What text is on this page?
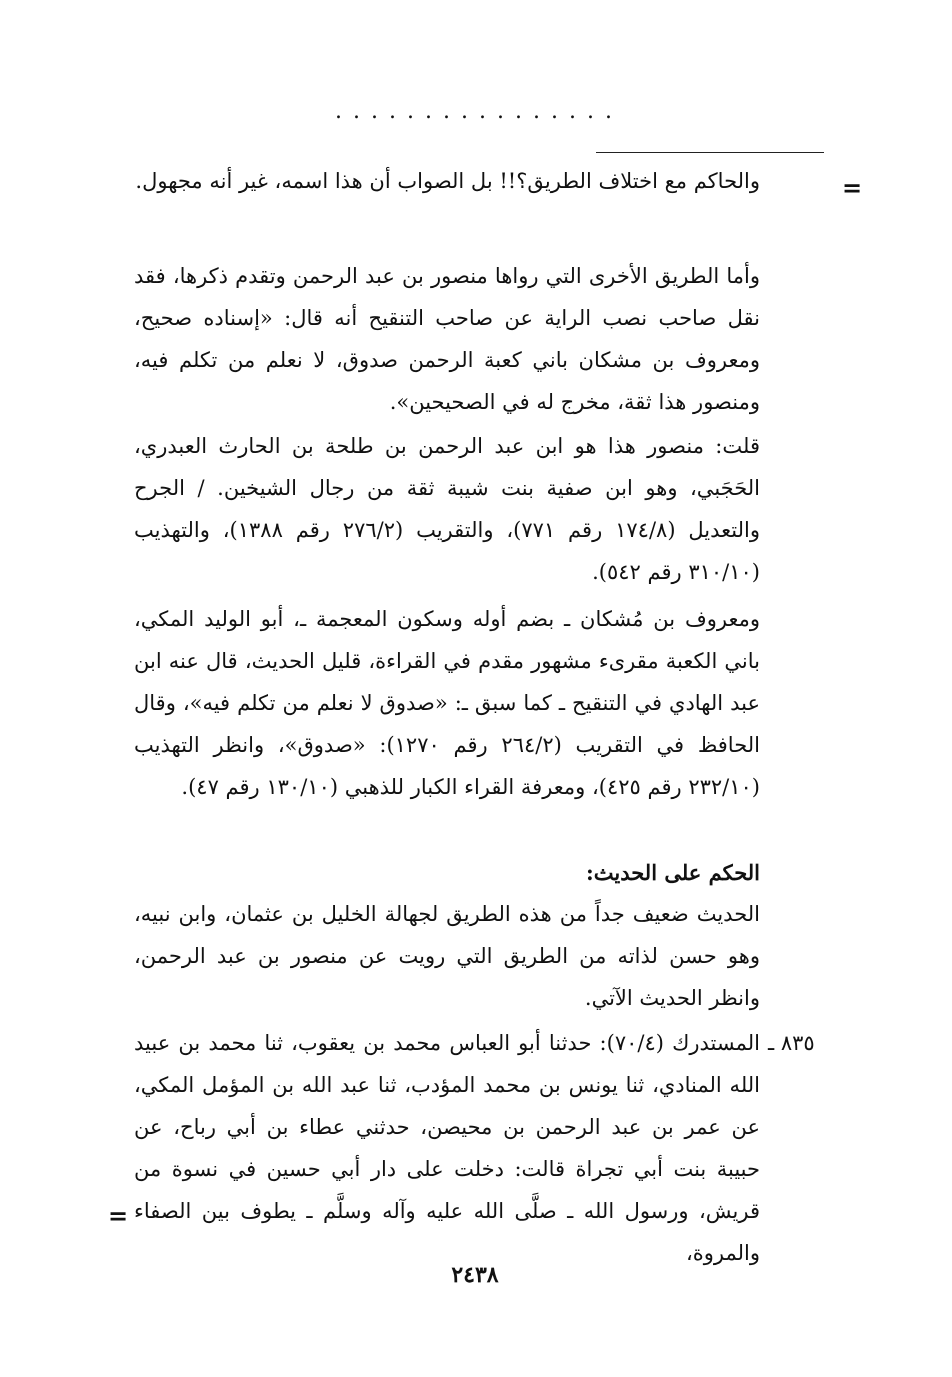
................
=
والحاكم مع اختلاف الطريق؟!! بل الصواب أن هذا اسمه، غير أنه مجهول.
وأما الطريق الأخرى التي رواها منصور بن عبد الرحمن وتقدم ذكرها، فقد نقل صاحب نصب الراية عن صاحب التنقيح أنه قال: «إسناده صحيح، ومعروف بن مشكان باني كعبة الرحمن صدوق، لا نعلم من تكلم فيه، ومنصور هذا ثقة، مخرج له في الصحيحين».
قلت: منصور هذا هو ابن عبد الرحمن بن طلحة بن الحارث العبدري، الحَجَبي، وهو ابن صفية بنت شيبة ثقة من رجال الشيخين. / الجرح والتعديل (١٧٤/٨ رقم ٧٧١)، والتقريب (٢٧٦/٢ رقم ١٣٨٨)، والتهذيب (٣١٠/١٠ رقم ٥٤٢).
ومعروف بن مُشكان ـ بضم أوله وسكون المعجمة ـ، أبو الوليد المكي، باني الكعبة مقرىء مشهور مقدم في القراءة، قليل الحديث، قال عنه ابن عبد الهادي في التنقيح ـ كما سبق ـ: «صدوق لا نعلم من تكلم فيه»، وقال الحافظ في التقريب (٢٦٤/٢ رقم ١٢٧٠): «صدوق»، وانظر التهذيب (٢٣٢/١٠ رقم ٤٢٥)، ومعرفة القراء الكبار للذهبي (١٣٠/١٠ رقم ٤٧).
الحكم على الحديث:
الحديث ضعيف جداً من هذه الطريق لجهالة الخليل بن عثمان، وابن نبيه، وهو حسن لذاته من الطريق التي رويت عن منصور بن عبد الرحمن، وانظر الحديث الآتي.
٨٣٥ ـ
المستدرك (٧٠/٤): حدثنا أبو العباس محمد بن يعقوب، ثنا محمد بن عبيد الله المنادي، ثنا يونس بن محمد المؤدب، ثنا عبد الله بن المؤمل المكي، عن عمر بن عبد الرحمن بن محيصن، حدثني عطاء بن أبي رباح، عن حبيبة بنت أبي تجراة قالت: دخلت على دار أبي حسين في نسوة من قريش، ورسول الله ـ صلَّى الله عليه وآله وسلَّم ـ يطوف بين الصفاء والمروة،
=
٢٤٣٨
